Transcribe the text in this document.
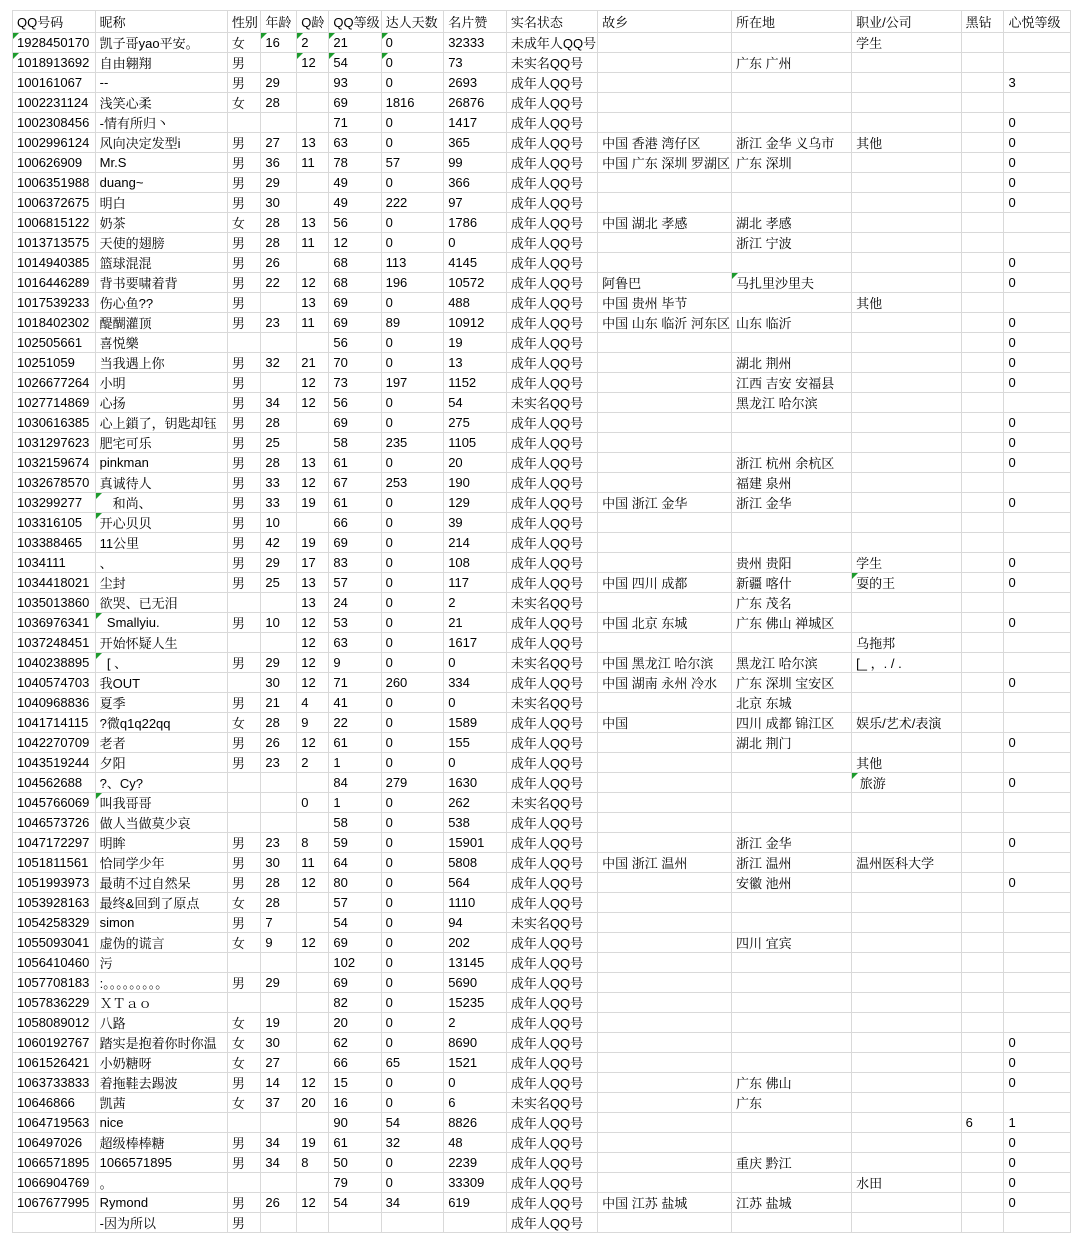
QQ号码	昵称	性别	年龄	Q龄	QQ等级	达人天数	名片赞	实名状态	故乡	所在地	职业/公司	黑钻	心悦等级
1928450170	凯子哥yao平安。	女	16	2	21	0	32333	未成年人QQ号			学生		
1018913692	自由翱翔	男		12	54	0	73	未实名QQ号		广东 广州			
100161067	--	男	29		93	0	2693	成年人QQ号					3
1002231124	浅笑心柔	女	28		69	1816	26876	成年人QQ号					
1002308456	-情有所归丶				71	0	1417	成年人QQ号					0
1002996124	风向决定发型i	男	27	13	63	0	365	成年人QQ号	中国 香港 湾仔区	浙江 金华 义乌市	其他		0
100626909	Mr.S	男	36	11	78	57	99	成年人QQ号	中国 广东 深圳 罗湖区	广东 深圳			0
1006351988	duang~	男	29		49	0	366	成年人QQ号					0
1006372675	明白	男	30		49	222	97	成年人QQ号					0
1006815122	奶茶	女	28	13	56	0	1786	成年人QQ号	中国 湖北 孝感	湖北 孝感			
1013713575	天使的翅膀	男	28	11	12	0	0	成年人QQ号		浙江 宁波			
1014940385	篮球混混	男	26		68	113	4145	成年人QQ号					0
1016446289	背书要啸着背	男	22	12	68	196	10572	成年人QQ号	阿鲁巴	马扎里沙里夫			0
1017539233	伤心鱼??	男		13	69	0	488	成年人QQ号	中国 贵州 毕节		其他		
1018402302	醍醐灌顶	男	23	11	69	89	10912	成年人QQ号	中国 山东 临沂 河东区	山东 临沂			0
102505661	喜悦樂				56	0	19	成年人QQ号					0
10251059	当我遇上你	男	32	21	70	0	13	成年人QQ号		湖北 荆州			0
1026677264	小明	男		12	73	197	1152	成年人QQ号		江西 吉安 安福县			0
1027714869	心扬	男	34	12	56	0	54	未实名QQ号		黑龙江 哈尔滨			
1030616385	心上鎖了，钥匙却钰	男	28		69	0	275	成年人QQ号					0
1031297623	肥宅可乐	男	25		58	235	1105	成年人QQ号					0
1032159674	pinkman	男	28	13	61	0	20	成年人QQ号		浙江 杭州 余杭区			0
1032678570	真诚待人	男	33	12	67	253	190	成年人QQ号		福建 泉州			
103299277	　和尚、	男	33	19	61	0	129	成年人QQ号	中国 浙江 金华	浙江 金华			0
103316105	开心贝贝	男	10		66	0	39	成年人QQ号					
103388465	11公里	男	42	19	69	0	214	成年人QQ号					
1034111	、	男	29	17	83	0	108	成年人QQ号		贵州 贵阳	学生		0
1034418021	尘封	男	25	13	57	0	117	成年人QQ号	中国 四川 成都	新疆 喀什	耍的王		0
1035013860	欲哭、已无泪			13	24	0	2	未实名QQ号		广东 茂名			
1036976341	Smallyiu.	男	10	12	53	0	21	成年人QQ号	中国 北京 东城	广东 佛山 禅城区			0
1037248451	开始怀疑人生			12	63	0	1617	成年人QQ号			乌拖邦		
1040238895	[ 、	男	29	12	9	0	0	未实名QQ号	中国 黑龙江 哈尔滨	黑龙江 哈尔滨	[_ ，. / .		
1040574703	我OUT		30	12	71	260	334	成年人QQ号	中国 湖南 永州 冷水	广东 深圳 宝安区			0
1040968836	夏季	男	21	4	41	0	0	未实名QQ号		北京 东城			
1041714115	?微q1q22qq	女	28	9	22	0	1589	成年人QQ号	中国	四川 成都 锦江区	娱乐/艺术/表演		
1042270709	老者	男	26	12	61	0	155	成年人QQ号		湖北 荆门			0
1043519244	夕阳	男	23	2	1	0	0	成年人QQ号			其他		
104562688	?、Cy?				84	279	1630	成年人QQ号			旅游		0
1045766069	叫我哥哥			0	1	0	262	未实名QQ号					
1046573726	做人当做莫少哀				58	0	538	成年人QQ号					
1047172297	明眸	男	23	8	59	0	15901	成年人QQ号		浙江 金华			0
1051811561	恰同学少年	男	30	11	64	0	5808	成年人QQ号	中国 浙江 温州	浙江 温州	温州医科大学		
1051993973	最萌不过自然呆	男	28	12	80	0	564	成年人QQ号		安徽 池州			0
1053928163	最终&回到了原点	女	28		57	0	1110	成年人QQ号					
1054258329	simon	男	7		54	0	94	未实名QQ号					
1055093041	虚伪的谎言	女	9	12	69	0	202	成年人QQ号		四川 宜宾			
1056410460	污				102	0	13145	成年人QQ号					
1057708183	:。。。。。。。。。	男	29		69	0	5690	成年人QQ号					
1057836229	ＸＴａｏ				82	0	15235	成年人QQ号					
1058089012	八路	女	19		20	0	2	成年人QQ号					
1060192767	踏实是抱着你时你温	女	30		62	0	8690	成年人QQ号					0
1061526421	小奶糖呀	女	27		66	65	1521	成年人QQ号					0
1063733833	着拖鞋去踢波	男	14	12	15	0	0	成年人QQ号		广东 佛山			0
10646866	凯茜	女	37	20	16	0	6	未实名QQ号		广东			
1064719563	nice				90	54	8826	成年人QQ号				6	1
106497026	超级棒棒糖	男	34	19	61	32	48	成年人QQ号					0
1066571895	1066571895	男	34	8	50	0	2239	成年人QQ号		重庆 黔江			0
1066904769	。				79	0	33309	成年人QQ号			水田		0
1067677995	Rymond	男	26	12	54	34	619	成年人QQ号	中国 江苏 盐城	江苏 盐城			0
	-因为所以	男						成年人QQ号					
